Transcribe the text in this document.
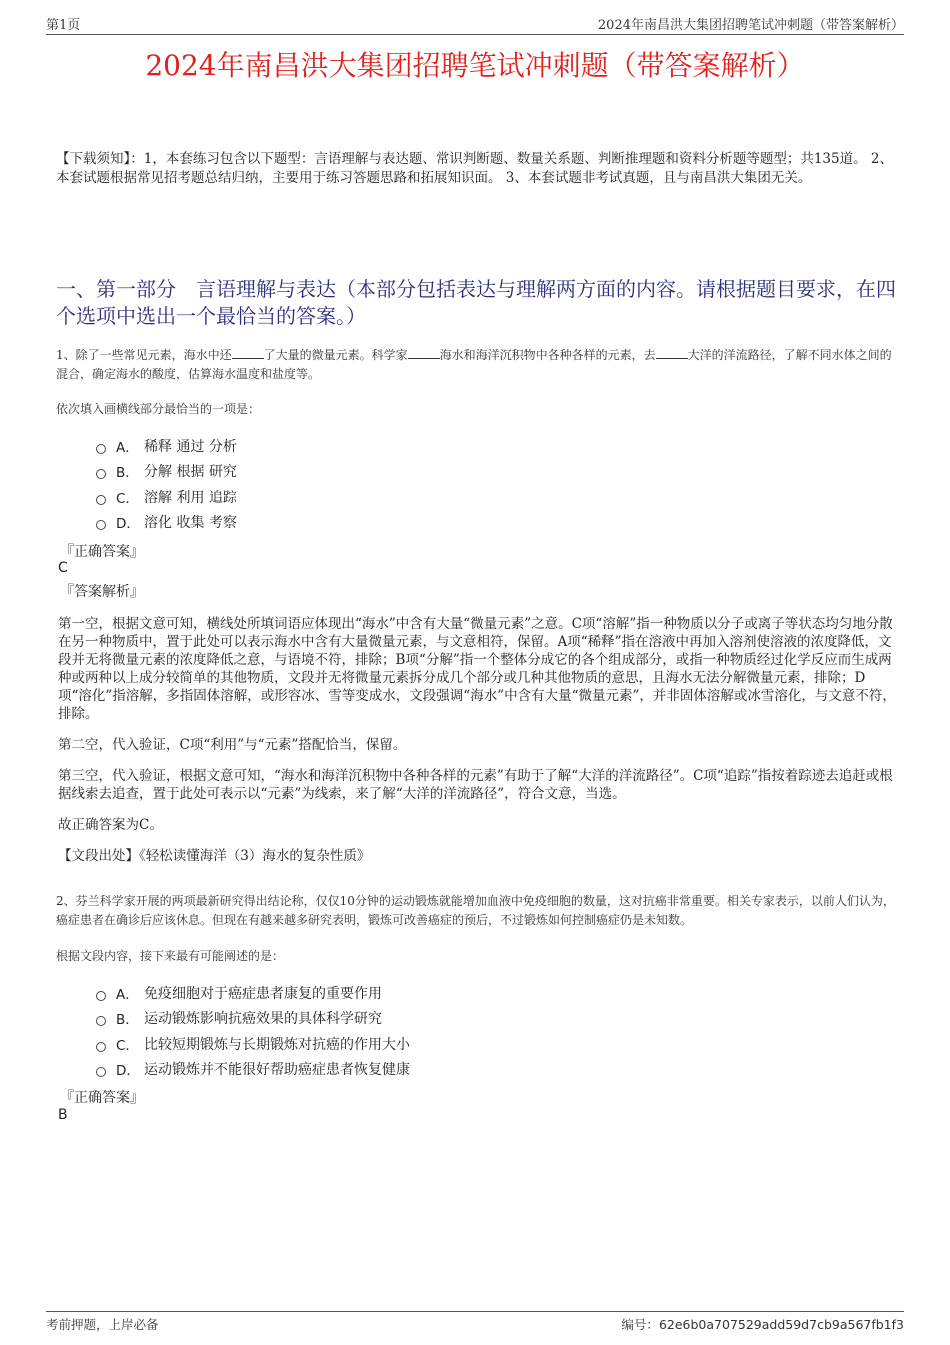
第1页	2024年南昌洪大集团招聘笔试冲刺题（带答案解析）
2024年南昌洪大集团招聘笔试冲刺题（带答案解析）
【下载须知】：1，本套练习包含以下题型：言语理解与表达题、常识判断题、数量关系题、判断推理题和资料分析题等题型；共135道。 2、本套试题根据常见招考题总结归纳，主要用于练习答题思路和拓展知识面。 3、本套试题非考试真题，且与南昌洪大集团无关。
一、第一部分　言语理解与表达（本部分包括表达与理解两方面的内容。请根据题目要求，在四个选项中选出一个最恰当的答案。）
1、除了一些常见元素，海水中还	了大量的微量元素。科学家	海水和海洋沉积物中各种各样的元素，去	大洋的洋流路径，了解不同水体之间的混合，确定海水的酸度，估算海水温度和盐度等。
依次填入画横线部分最恰当的一项是：
A． 稀释 通过 分析
B． 分解 根据 研究
C． 溶解 利用 追踪
D． 溶化 收集 考察
『正确答案』
C
『答案解析』

第一空，根据文意可知，横线处所填词语应体现出“海水”中含有大量“微量元素”之意。C项“溶解”指一种物质以分子或离子等状态均匀地分散在另一种物质中，置于此处可以表示海水中含有大量微量元素，与文意相符，保留。A项“稀释”指在溶液中再加入溶剂使溶液的浓度降低，文段并无将微量元素的浓度降低之意，与语境不符，排除；B项“分解”指一个整体分成它的各个组成部分，或指一种物质经过化学反应而生成两种或两种以上成分较简单的其他物质，文段并无将微量元素拆分成几个部分或几种其他物质的意思，且海水无法分解微量元素，排除；D项“溶化”指溶解，多指固体溶解，或形容冰、雪等变成水，文段强调“海水”中含有大量“微量元素”，并非固体溶解或冰雪溶化，与文意不符，排除。

第二空，代入验证，C项“利用”与“元素”搭配恰当，保留。

第三空，代入验证，根据文意可知，“海水和海洋沉积物中各种各样的元素”有助于了解“大洋的洋流路径”。C项“追踪”指按着踪迹去追赶或根据线索去追查，置于此处可表示以“元素”为线索，来了解“大洋的洋流路径”，符合文意，当选。

故正确答案为C。

【文段出处】《轻松读懂海洋（3）海水的复杂性质》

2、芬兰科学家开展的两项最新研究得出结论称，仅仅10分钟的运动锻炼就能增加血液中免疫细胞的数量，这对抗癌非常重要。相关专家表示，以前人们认为，癌症患者在确诊后应该休息。但现在有越来越多研究表明，锻炼可改善癌症的预后，不过锻炼如何控制癌症仍是未知数。
根据文段内容，接下来最有可能阐述的是：
A． 免疫细胞对于癌症患者康复的重要作用
B． 运动锻炼影响抗癌效果的具体科学研究
C． 比较短期锻炼与长期锻炼对抗癌的作用大小
D． 运动锻炼并不能很好帮助癌症患者恢复健康
『正确答案』
B
考前押题，上岸必备	编号：62e6b0a707529add59d7cb9a567fb1f3
